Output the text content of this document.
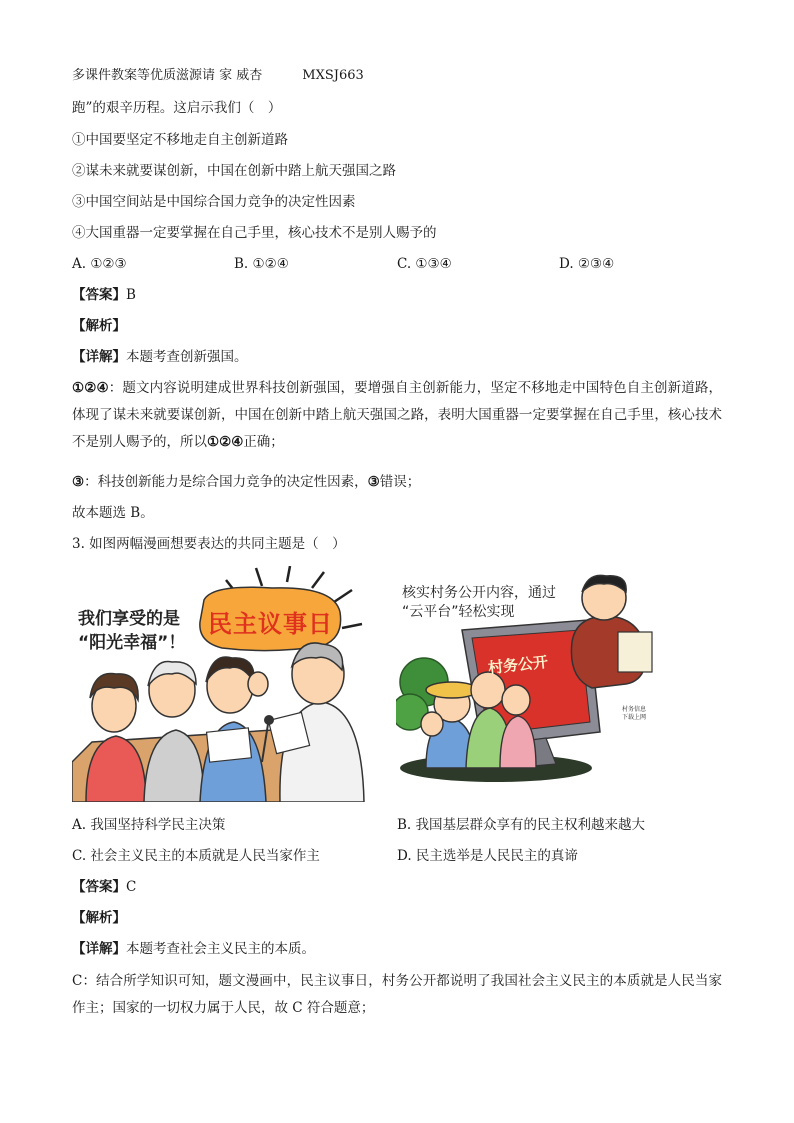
多课件教案等优质滋源请 家 威杏	MXSJ663
跑”的艰辛历程。这启示我们（　）
①中国要坚定不移地走自主创新道路
②谋未来就要谋创新，中国在创新中踏上航天强国之路
③中国空间站是中国综合国力竞争的决定性因素
④大国重器一定要掌握在自己手里，核心技术不是别人赐予的
A. ①②③	B. ①②④	C. ①③④	D. ②③④
【答案】B
【解析】
【详解】本题考查创新强国。
①②④：题文内容说明建成世界科技创新强国，要增强自主创新能力，坚定不移地走中国特色自主创新道路，体现了谋未来就要谋创新，中国在创新中踏上航天强国之路，表明大国重器一定要掌握在自己手里，核心技术不是别人赐予的，所以①②④正确；
③：科技创新能力是综合国力竞争的决定性因素，③错误；
故本题选 B。
3. 如图两幅漫画想要表达的共同主题是（　）
我们享受的是
“阳光幸福”！
民主议事日
核实村务公开内容，通过
“云平台”轻松实现
村务公开
村务信息 下载上网
A. 我国坚持科学民主决策	B. 我国基层群众享有的民主权利越来越大
C. 社会主义民主的本质就是人民当家作主	D. 民主选举是人民民主的真谛
【答案】C
【解析】
【详解】本题考查社会主义民主的本质。
C：结合所学知识可知，题文漫画中，民主议事日，村务公开都说明了我国社会主义民主的本质就是人民当家作主；国家的一切权力属于人民，故 C 符合题意；
